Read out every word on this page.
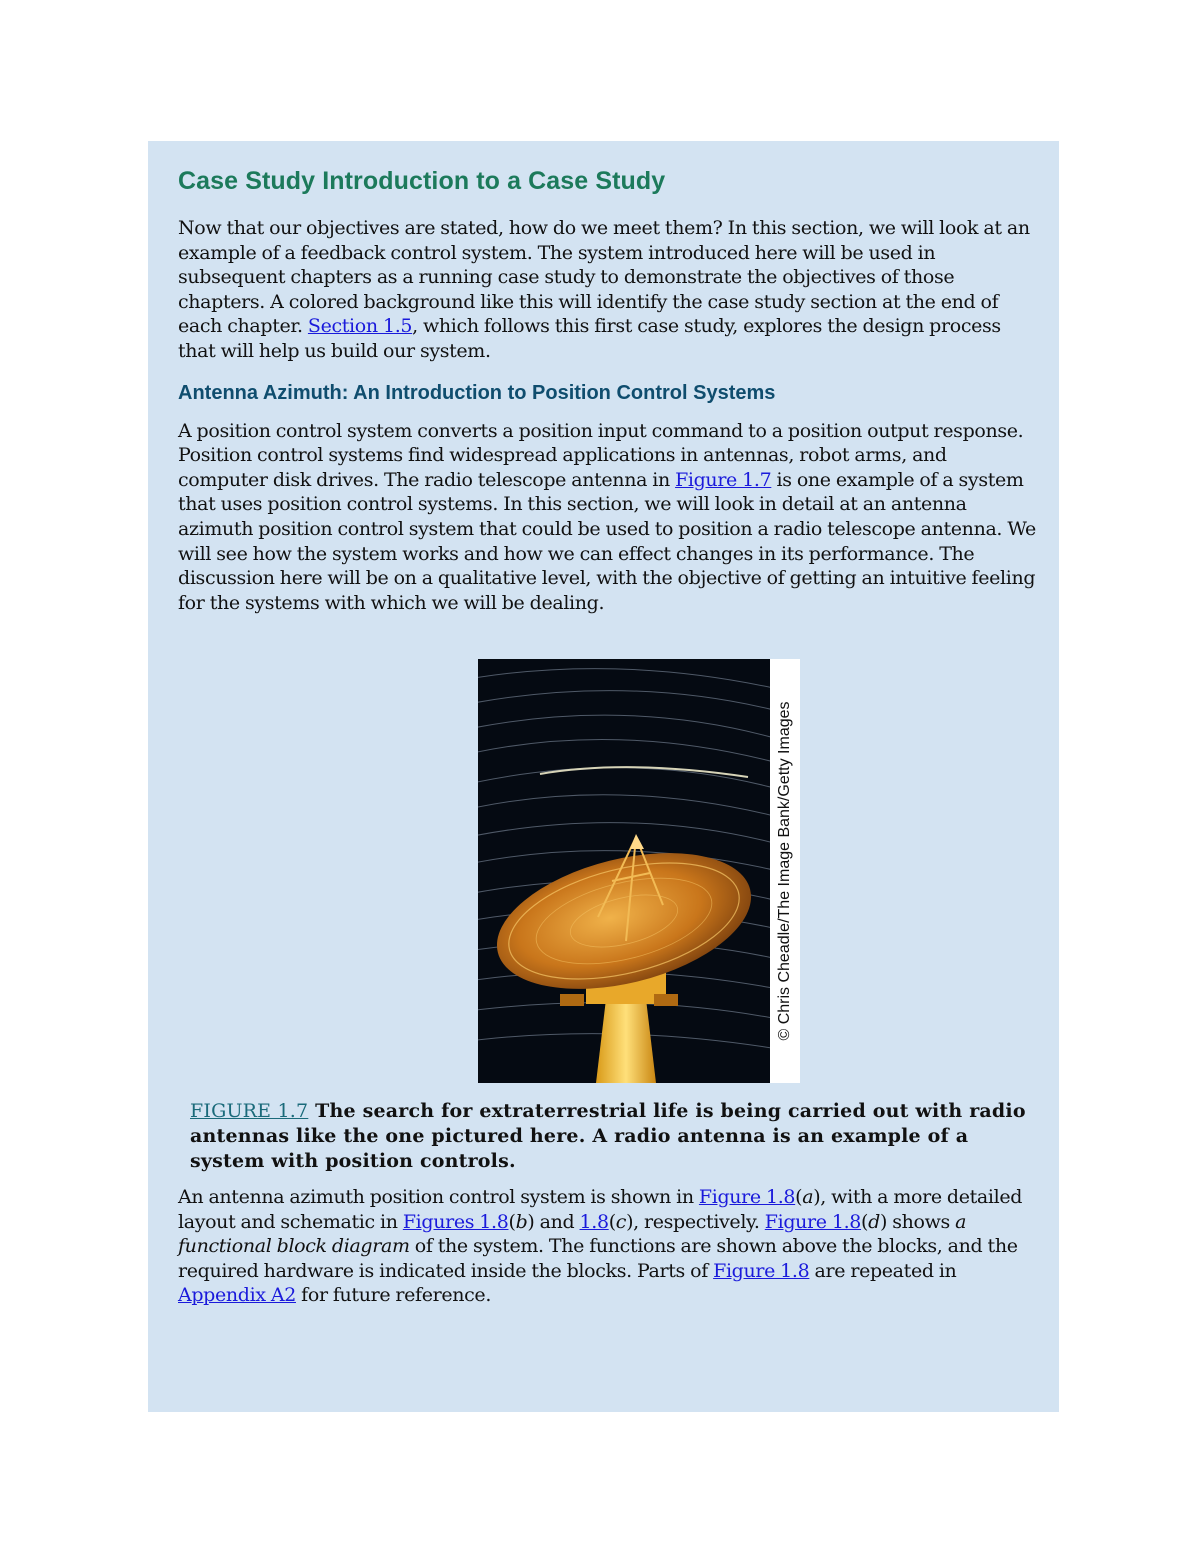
Case Study Introduction to a Case Study

Now that our objectives are stated, how do we meet them? In this section, we will look at an example of a feedback control system. The system introduced here will be used in subsequent chapters as a running case study to demonstrate the objectives of those chapters. A colored background like this will identify the case study section at the end of each chapter. Section 1.5, which follows this first case study, explores the design process that will help us build our system.

Antenna Azimuth: An Introduction to Position Control Systems

A position control system converts a position input command to a position output response. Position control systems find widespread applications in antennas, robot arms, and computer disk drives. The radio telescope antenna in Figure 1.7 is one example of a system that uses position control systems. In this section, we will look in detail at an antenna azimuth position control system that could be used to position a radio telescope antenna. We will see how the system works and how we can effect changes in its performance. The discussion here will be on a qualitative level, with the objective of getting an intuitive feeling for the systems with which we will be dealing.

© Chris Cheadle/The Image Bank/Getty Images
FIGURE 1.7 The search for extraterrestrial life is being carried out with radio antennas like the one pictured here. A radio antenna is an example of a system with position controls.

An antenna azimuth position control system is shown in Figure 1.8(a), with a more detailed layout and schematic in Figures 1.8(b) and 1.8(c), respectively. Figure 1.8(d) shows a functional block diagram of the system. The functions are shown above the blocks, and the required hardware is indicated inside the blocks. Parts of Figure 1.8 are repeated in Appendix A2 for future reference.
